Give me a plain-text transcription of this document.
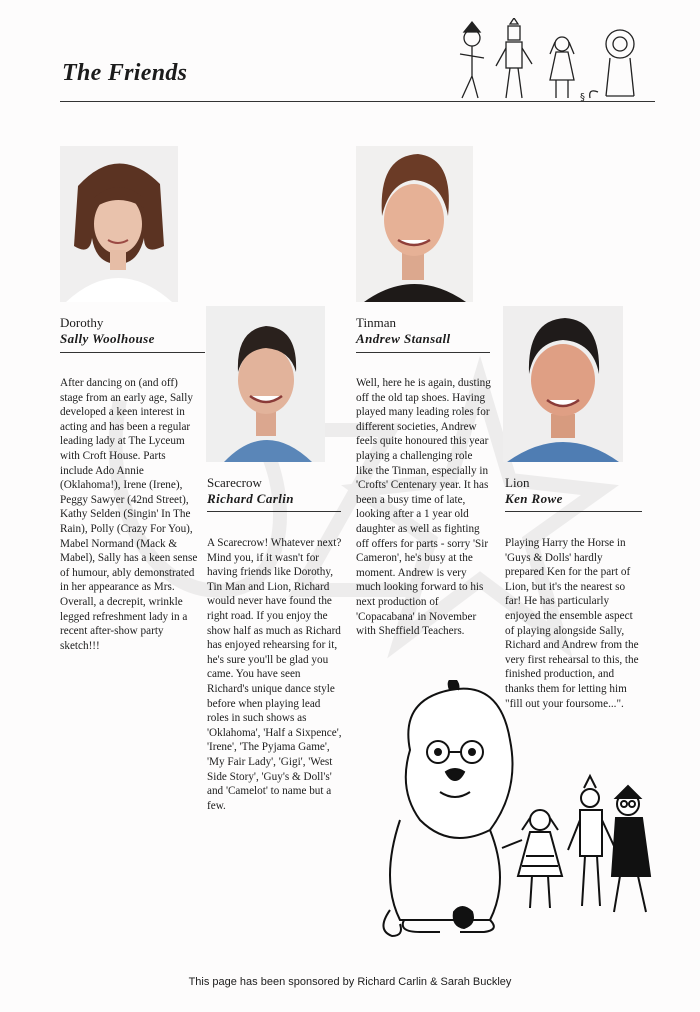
The Friends
§
Dorothy
Sally Woolhouse

After dancing on (and off) stage from an early age, Sally developed a keen interest in acting and has been a regular leading lady at The Lyceum with Croft House. Parts include Ado Annie (Oklahoma!), Irene (Irene), Peggy Sawyer (42nd Street), Kathy Selden (Singin' In The Rain), Polly (Crazy For You), Mabel Normand (Mack & Mabel), Sally has a keen sense of humour, ably demonstrated in her appearance as Mrs. Overall, a decrepit, wrinkle legged refreshment lady in a recent after-show party sketch!!!

Scarecrow
Richard Carlin

A Scarecrow! Whatever next? Mind you, if it wasn't for having friends like Dorothy, Tin Man and Lion, Richard would never have found the right road. If you enjoy the show half as much as Richard has enjoyed rehearsing for it, he's sure you'll be glad you came. You have seen Richard's unique dance style before when playing lead roles in such shows as 'Oklahoma', 'Half a Sixpence', 'Irene', 'The Pyjama Game', 'My Fair Lady', 'Gigi', 'West Side Story', 'Guy's & Doll's' and 'Camelot' to name but a few.

Tinman
Andrew Stansall

Well, here he is again, dusting off the old tap shoes. Having played many leading roles for different societies, Andrew feels quite honoured this year playing a challenging role like the Tinman, especially in 'Crofts' Centenary year. It has been a busy time of late, looking after a 1 year old daughter as well as fighting off offers for parts - sorry 'Sir Cameron', he's busy at the moment. Andrew is very much looking forward to his next production of 'Copacabana' in November with Sheffield Teachers.

Lion
Ken Rowe

Playing Harry the Horse in 'Guys & Dolls' hardly prepared Ken for the part of Lion, but it's the nearest so far! He has particularly enjoyed the ensemble aspect of playing alongside Sally, Richard and Andrew from the very first rehearsal to this, the finished production, and thanks them for letting him "fill out your foursome...".

This page has been sponsored by Richard Carlin & Sarah Buckley
